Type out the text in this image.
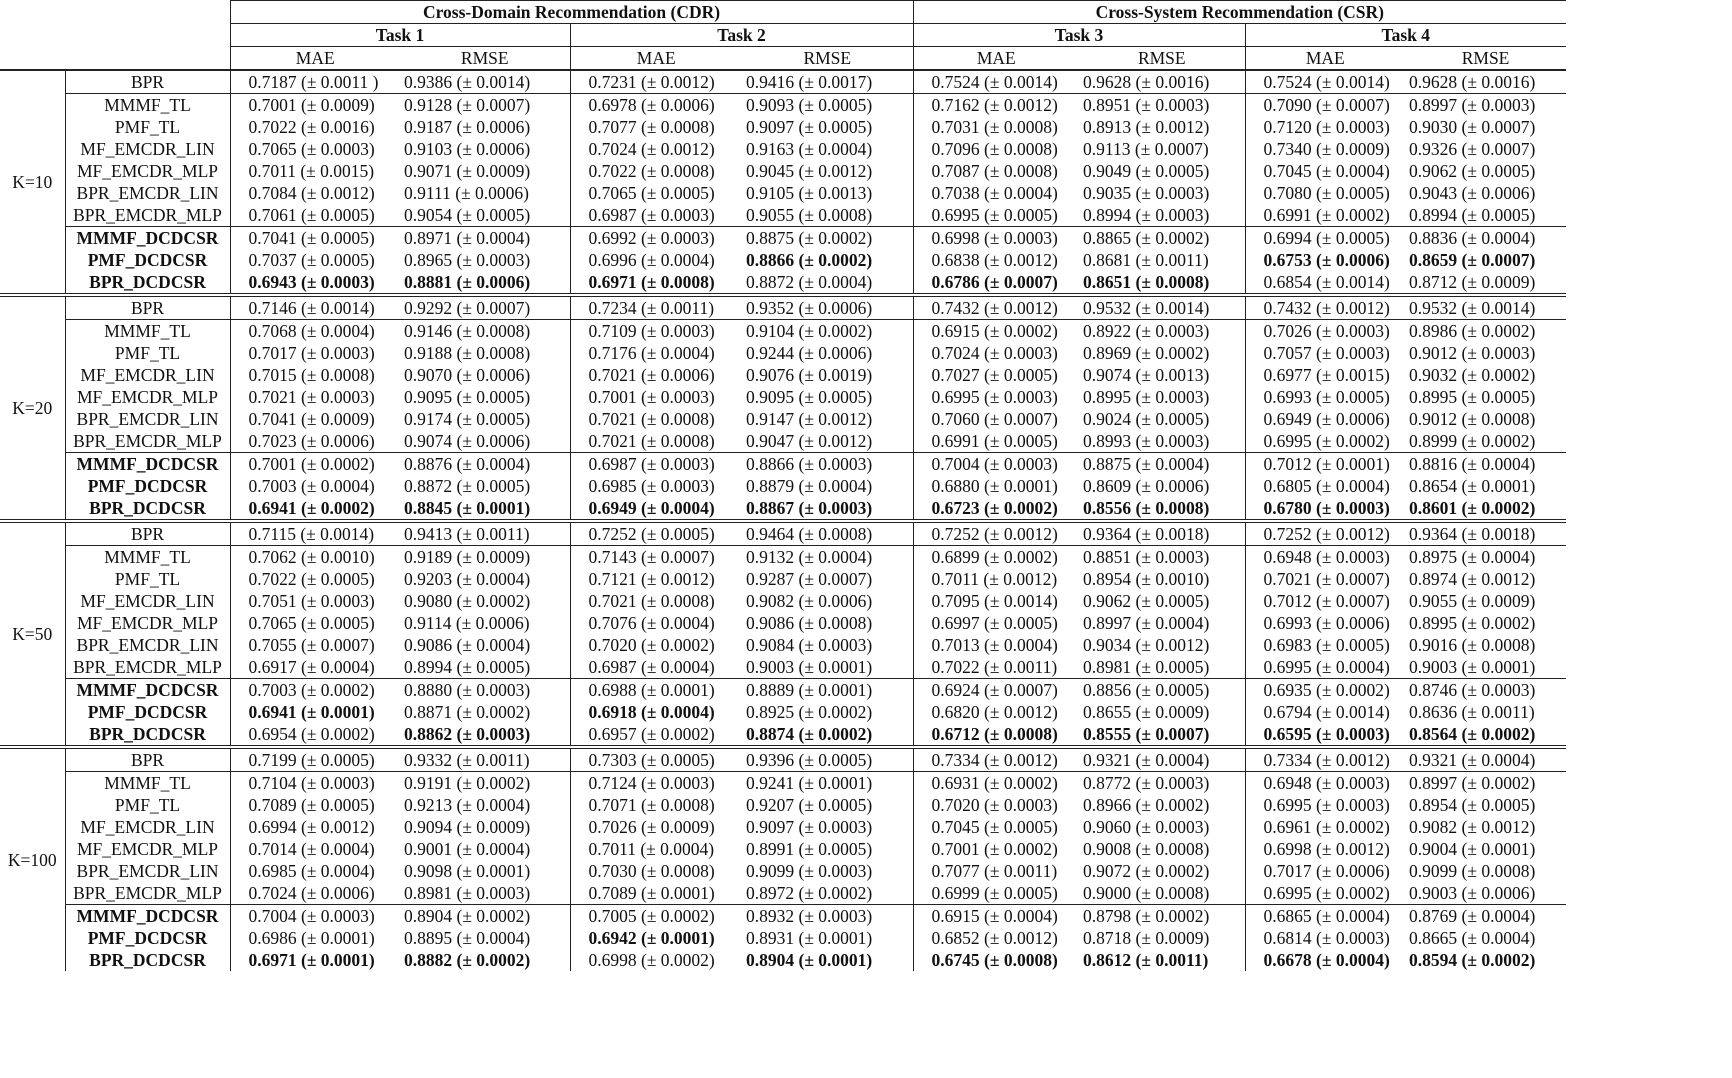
		Cross-Domain Recommendation (CDR)				Cross-System Recommendation (CSR)			
		Task 1		Task 2		Task 3		Task 4	
		MAE	RMSE	MAE	RMSE	MAE	RMSE	MAE	RMSE
K=10	BPR	0.7187 (± 0.0011 )	0.9386 (± 0.0014)	0.7231 (± 0.0012)	0.9416 (± 0.0017)	0.7524 (± 0.0014)	0.9628 (± 0.0016)	0.7524 (± 0.0014)	0.9628 (± 0.0016)
	MMMF_TL	0.7001 (± 0.0009)	0.9128 (± 0.0007)	0.6978 (± 0.0006)	0.9093 (± 0.0005)	0.7162 (± 0.0012)	0.8951 (± 0.0003)	0.7090 (± 0.0007)	0.8997 (± 0.0003)
	PMF_TL	0.7022 (± 0.0016)	0.9187 (± 0.0006)	0.7077 (± 0.0008)	0.9097 (± 0.0005)	0.7031 (± 0.0008)	0.8913 (± 0.0012)	0.7120 (± 0.0003)	0.9030 (± 0.0007)
	MF_EMCDR_LIN	0.7065 (± 0.0003)	0.9103 (± 0.0006)	0.7024 (± 0.0012)	0.9163 (± 0.0004)	0.7096 (± 0.0008)	0.9113 (± 0.0007)	0.7340 (± 0.0009)	0.9326 (± 0.0007)
	MF_EMCDR_MLP	0.7011 (± 0.0015)	0.9071 (± 0.0009)	0.7022 (± 0.0008)	0.9045 (± 0.0012)	0.7087 (± 0.0008)	0.9049 (± 0.0005)	0.7045 (± 0.0004)	0.9062 (± 0.0005)
	BPR_EMCDR_LIN	0.7084 (± 0.0012)	0.9111 (± 0.0006)	0.7065 (± 0.0005)	0.9105 (± 0.0013)	0.7038 (± 0.0004)	0.9035 (± 0.0003)	0.7080 (± 0.0005)	0.9043 (± 0.0006)
	BPR_EMCDR_MLP	0.7061 (± 0.0005)	0.9054 (± 0.0005)	0.6987 (± 0.0003)	0.9055 (± 0.0008)	0.6995 (± 0.0005)	0.8994 (± 0.0003)	0.6991 (± 0.0002)	0.8994 (± 0.0005)
	MMMF_DCDCSR	0.7041 (± 0.0005)	0.8971 (± 0.0004)	0.6992 (± 0.0003)	0.8875 (± 0.0002)	0.6998 (± 0.0003)	0.8865 (± 0.0002)	0.6994 (± 0.0005)	0.8836 (± 0.0004)
	PMF_DCDCSR	0.7037 (± 0.0005)	0.8965 (± 0.0003)	0.6996 (± 0.0004)	0.8866 (± 0.0002)	0.6838 (± 0.0012)	0.8681 (± 0.0011)	0.6753 (± 0.0006)	0.8659 (± 0.0007)
	BPR_DCDCSR	0.6943 (± 0.0003)	0.8881 (± 0.0006)	0.6971 (± 0.0008)	0.8872 (± 0.0004)	0.6786 (± 0.0007)	0.8651 (± 0.0008)	0.6854 (± 0.0014)	0.8712 (± 0.0009)
K=20	BPR	0.7146 (± 0.0014)	0.9292 (± 0.0007)	0.7234 (± 0.0011)	0.9352 (± 0.0006)	0.7432 (± 0.0012)	0.9532 (± 0.0014)	0.7432 (± 0.0012)	0.9532 (± 0.0014)
	MMMF_TL	0.7068 (± 0.0004)	0.9146 (± 0.0008)	0.7109 (± 0.0003)	0.9104 (± 0.0002)	0.6915 (± 0.0002)	0.8922 (± 0.0003)	0.7026 (± 0.0003)	0.8986 (± 0.0002)
	PMF_TL	0.7017 (± 0.0003)	0.9188 (± 0.0008)	0.7176 (± 0.0004)	0.9244 (± 0.0006)	0.7024 (± 0.0003)	0.8969 (± 0.0002)	0.7057 (± 0.0003)	0.9012 (± 0.0003)
	MF_EMCDR_LIN	0.7015 (± 0.0008)	0.9070 (± 0.0006)	0.7021 (± 0.0006)	0.9076 (± 0.0019)	0.7027 (± 0.0005)	0.9074 (± 0.0013)	0.6977 (± 0.0015)	0.9032 (± 0.0002)
	MF_EMCDR_MLP	0.7021 (± 0.0003)	0.9095 (± 0.0005)	0.7001 (± 0.0003)	0.9095 (± 0.0005)	0.6995 (± 0.0003)	0.8995 (± 0.0003)	0.6993 (± 0.0005)	0.8995 (± 0.0005)
	BPR_EMCDR_LIN	0.7041 (± 0.0009)	0.9174 (± 0.0005)	0.7021 (± 0.0008)	0.9147 (± 0.0012)	0.7060 (± 0.0007)	0.9024 (± 0.0005)	0.6949 (± 0.0006)	0.9012 (± 0.0008)
	BPR_EMCDR_MLP	0.7023 (± 0.0006)	0.9074 (± 0.0006)	0.7021 (± 0.0008)	0.9047 (± 0.0012)	0.6991 (± 0.0005)	0.8993 (± 0.0003)	0.6995 (± 0.0002)	0.8999 (± 0.0002)
	MMMF_DCDCSR	0.7001 (± 0.0002)	0.8876 (± 0.0004)	0.6987 (± 0.0003)	0.8866 (± 0.0003)	0.7004 (± 0.0003)	0.8875 (± 0.0004)	0.7012 (± 0.0001)	0.8816 (± 0.0004)
	PMF_DCDCSR	0.7003 (± 0.0004)	0.8872 (± 0.0005)	0.6985 (± 0.0003)	0.8879 (± 0.0004)	0.6880 (± 0.0001)	0.8609 (± 0.0006)	0.6805 (± 0.0004)	0.8654 (± 0.0001)
	BPR_DCDCSR	0.6941 (± 0.0002)	0.8845 (± 0.0001)	0.6949 (± 0.0004)	0.8867 (± 0.0003)	0.6723 (± 0.0002)	0.8556 (± 0.0008)	0.6780 (± 0.0003)	0.8601 (± 0.0002)
K=50	BPR	0.7115 (± 0.0014)	0.9413 (± 0.0011)	0.7252 (± 0.0005)	0.9464 (± 0.0008)	0.7252 (± 0.0012)	0.9364 (± 0.0018)	0.7252 (± 0.0012)	0.9364 (± 0.0018)
	MMMF_TL	0.7062 (± 0.0010)	0.9189 (± 0.0009)	0.7143 (± 0.0007)	0.9132 (± 0.0004)	0.6899 (± 0.0002)	0.8851 (± 0.0003)	0.6948 (± 0.0003)	0.8975 (± 0.0004)
	PMF_TL	0.7022 (± 0.0005)	0.9203 (± 0.0004)	0.7121 (± 0.0012)	0.9287 (± 0.0007)	0.7011 (± 0.0012)	0.8954 (± 0.0010)	0.7021 (± 0.0007)	0.8974 (± 0.0012)
	MF_EMCDR_LIN	0.7051 (± 0.0003)	0.9080 (± 0.0002)	0.7021 (± 0.0008)	0.9082 (± 0.0006)	0.7095 (± 0.0014)	0.9062 (± 0.0005)	0.7012 (± 0.0007)	0.9055 (± 0.0009)
	MF_EMCDR_MLP	0.7065 (± 0.0005)	0.9114 (± 0.0006)	0.7076 (± 0.0004)	0.9086 (± 0.0008)	0.6997 (± 0.0005)	0.8997 (± 0.0004)	0.6993 (± 0.0006)	0.8995 (± 0.0002)
	BPR_EMCDR_LIN	0.7055 (± 0.0007)	0.9086 (± 0.0004)	0.7020 (± 0.0002)	0.9084 (± 0.0003)	0.7013 (± 0.0004)	0.9034 (± 0.0012)	0.6983 (± 0.0005)	0.9016 (± 0.0008)
	BPR_EMCDR_MLP	0.6917 (± 0.0004)	0.8994 (± 0.0005)	0.6987 (± 0.0004)	0.9003 (± 0.0001)	0.7022 (± 0.0011)	0.8981 (± 0.0005)	0.6995 (± 0.0004)	0.9003 (± 0.0001)
	MMMF_DCDCSR	0.7003 (± 0.0002)	0.8880 (± 0.0003)	0.6988 (± 0.0001)	0.8889 (± 0.0001)	0.6924 (± 0.0007)	0.8856 (± 0.0005)	0.6935 (± 0.0002)	0.8746 (± 0.0003)
	PMF_DCDCSR	0.6941 (± 0.0001)	0.8871 (± 0.0002)	0.6918 (± 0.0004)	0.8925 (± 0.0002)	0.6820 (± 0.0012)	0.8655 (± 0.0009)	0.6794 (± 0.0014)	0.8636 (± 0.0011)
	BPR_DCDCSR	0.6954 (± 0.0002)	0.8862 (± 0.0003)	0.6957 (± 0.0002)	0.8874 (± 0.0002)	0.6712 (± 0.0008)	0.8555 (± 0.0007)	0.6595 (± 0.0003)	0.8564 (± 0.0002)
K=100	BPR	0.7199 (± 0.0005)	0.9332 (± 0.0011)	0.7303 (± 0.0005)	0.9396 (± 0.0005)	0.7334 (± 0.0012)	0.9321 (± 0.0004)	0.7334 (± 0.0012)	0.9321 (± 0.0004)
	MMMF_TL	0.7104 (± 0.0003)	0.9191 (± 0.0002)	0.7124 (± 0.0003)	0.9241 (± 0.0001)	0.6931 (± 0.0002)	0.8772 (± 0.0003)	0.6948 (± 0.0003)	0.8997 (± 0.0002)
	PMF_TL	0.7089 (± 0.0005)	0.9213 (± 0.0004)	0.7071 (± 0.0008)	0.9207 (± 0.0005)	0.7020 (± 0.0003)	0.8966 (± 0.0002)	0.6995 (± 0.0003)	0.8954 (± 0.0005)
	MF_EMCDR_LIN	0.6994 (± 0.0012)	0.9094 (± 0.0009)	0.7026 (± 0.0009)	0.9097 (± 0.0003)	0.7045 (± 0.0005)	0.9060 (± 0.0003)	0.6961 (± 0.0002)	0.9082 (± 0.0012)
	MF_EMCDR_MLP	0.7014 (± 0.0004)	0.9001 (± 0.0004)	0.7011 (± 0.0004)	0.8991 (± 0.0005)	0.7001 (± 0.0002)	0.9008 (± 0.0008)	0.6998 (± 0.0012)	0.9004 (± 0.0001)
	BPR_EMCDR_LIN	0.6985 (± 0.0004)	0.9098 (± 0.0001)	0.7030 (± 0.0008)	0.9099 (± 0.0003)	0.7077 (± 0.0011)	0.9072 (± 0.0002)	0.7017 (± 0.0006)	0.9099 (± 0.0008)
	BPR_EMCDR_MLP	0.7024 (± 0.0006)	0.8981 (± 0.0003)	0.7089 (± 0.0001)	0.8972 (± 0.0002)	0.6999 (± 0.0005)	0.9000 (± 0.0008)	0.6995 (± 0.0002)	0.9003 (± 0.0006)
	MMMF_DCDCSR	0.7004 (± 0.0003)	0.8904 (± 0.0002)	0.7005 (± 0.0002)	0.8932 (± 0.0003)	0.6915 (± 0.0004)	0.8798 (± 0.0002)	0.6865 (± 0.0004)	0.8769 (± 0.0004)
	PMF_DCDCSR	0.6986 (± 0.0001)	0.8895 (± 0.0004)	0.6942 (± 0.0001)	0.8931 (± 0.0001)	0.6852 (± 0.0012)	0.8718 (± 0.0009)	0.6814 (± 0.0003)	0.8665 (± 0.0004)
	BPR_DCDCSR	0.6971 (± 0.0001)	0.8882 (± 0.0002)	0.6998 (± 0.0002)	0.8904 (± 0.0001)	0.6745 (± 0.0008)	0.8612 (± 0.0011)	0.6678 (± 0.0004)	0.8594 (± 0.0002)
